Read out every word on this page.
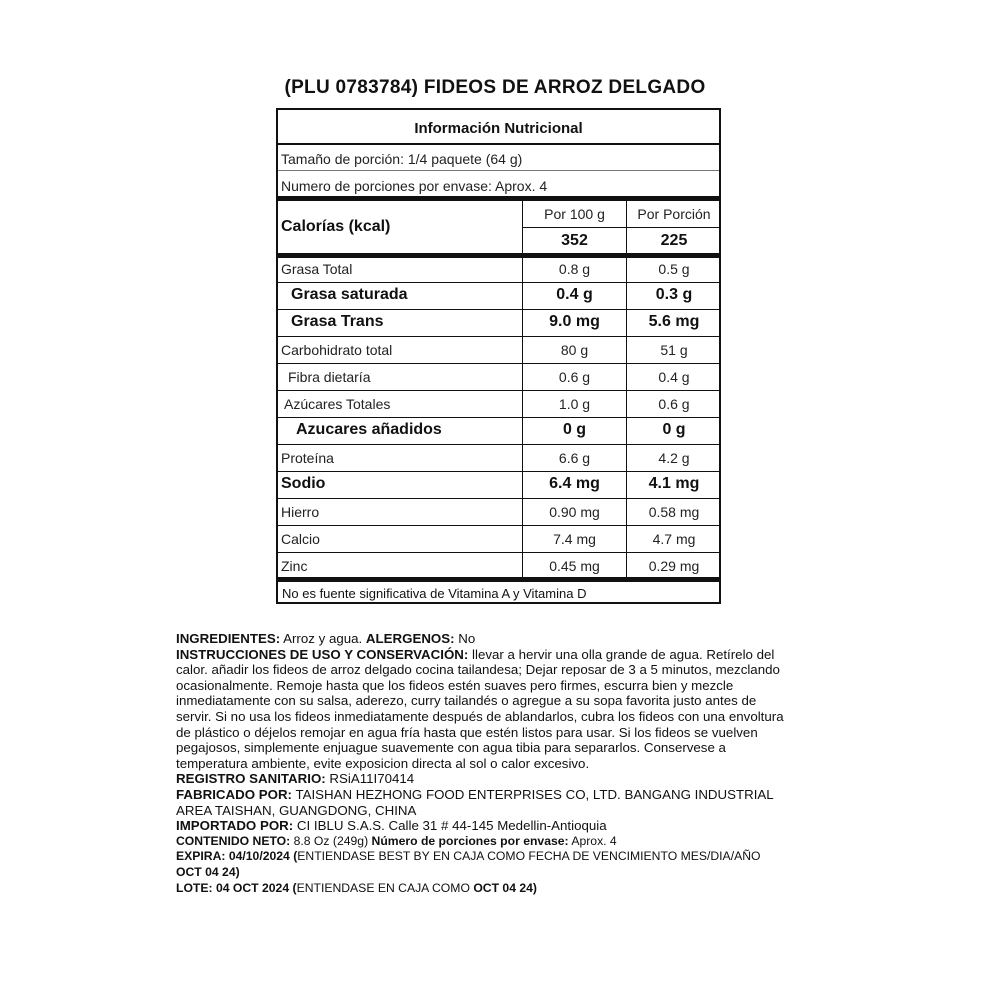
(PLU 0783784) FIDEOS DE ARROZ DELGADO
Información Nutricional
Tamaño de porción: 1/4 paquete (64 g)
Numero de porciones por envase: Aprox. 4
Calorías (kcal)
Por 100 g	Por Porción
352	225
Grasa Total	0.8 g	0.5 g
Grasa saturada	0.4 g	0.3 g
Grasa Trans	9.0 mg	5.6 mg
Carbohidrato total	80 g	51 g
Fibra dietaría	0.6 g	0.4 g
Azúcares Totales	1.0 g	0.6 g
Azucares añadidos	0 g	0 g
Proteína	6.6 g	4.2 g
Sodio	6.4 mg	4.1 mg
Hierro	0.90 mg	0.58 mg
Calcio	7.4 mg	4.7 mg
Zinc	0.45 mg	0.29 mg
No es fuente significativa de Vitamina A y Vitamina D
INGREDIENTES: Arroz y agua. ALERGENOS: No
INSTRUCCIONES DE USO Y CONSERVACIÓN: llevar a hervir una olla grande de agua. Retírelo del
calor. añadir los fideos de arroz delgado cocina tailandesa; Dejar reposar de 3 a 5 minutos, mezclando
ocasionalmente. Remoje hasta que los fideos estén suaves pero firmes, escurra bien y mezcle
inmediatamente con su salsa, aderezo, curry tailandés o agregue a su sopa favorita justo antes de
servir. Si no usa los fideos inmediatamente después de ablandarlos, cubra los fideos con una envoltura
de plástico o déjelos remojar en agua fría hasta que estén listos para usar. Si los fideos se vuelven
pegajosos, simplemente enjuague suavemente con agua tibia para separarlos. Conservese a
temperatura ambiente, evite exposicion directa al sol o calor excesivo.
REGISTRO SANITARIO: RSiA11I70414
FABRICADO POR: TAISHAN HEZHONG FOOD ENTERPRISES CO, LTD. BANGANG INDUSTRIAL
AREA TAISHAN, GUANGDONG, CHINA
IMPORTADO POR: CI IBLU S.A.S. Calle 31 # 44-145 Medellin-Antioquia
CONTENIDO NETO: 8.8 Oz (249g) Número de porciones por envase: Aprox. 4
EXPIRA: 04/10/2024 (ENTIENDASE BEST BY EN CAJA COMO FECHA DE VENCIMIENTO MES/DIA/AÑO
OCT 04 24)
LOTE: 04 OCT 2024 (ENTIENDASE EN CAJA COMO OCT 04 24)
